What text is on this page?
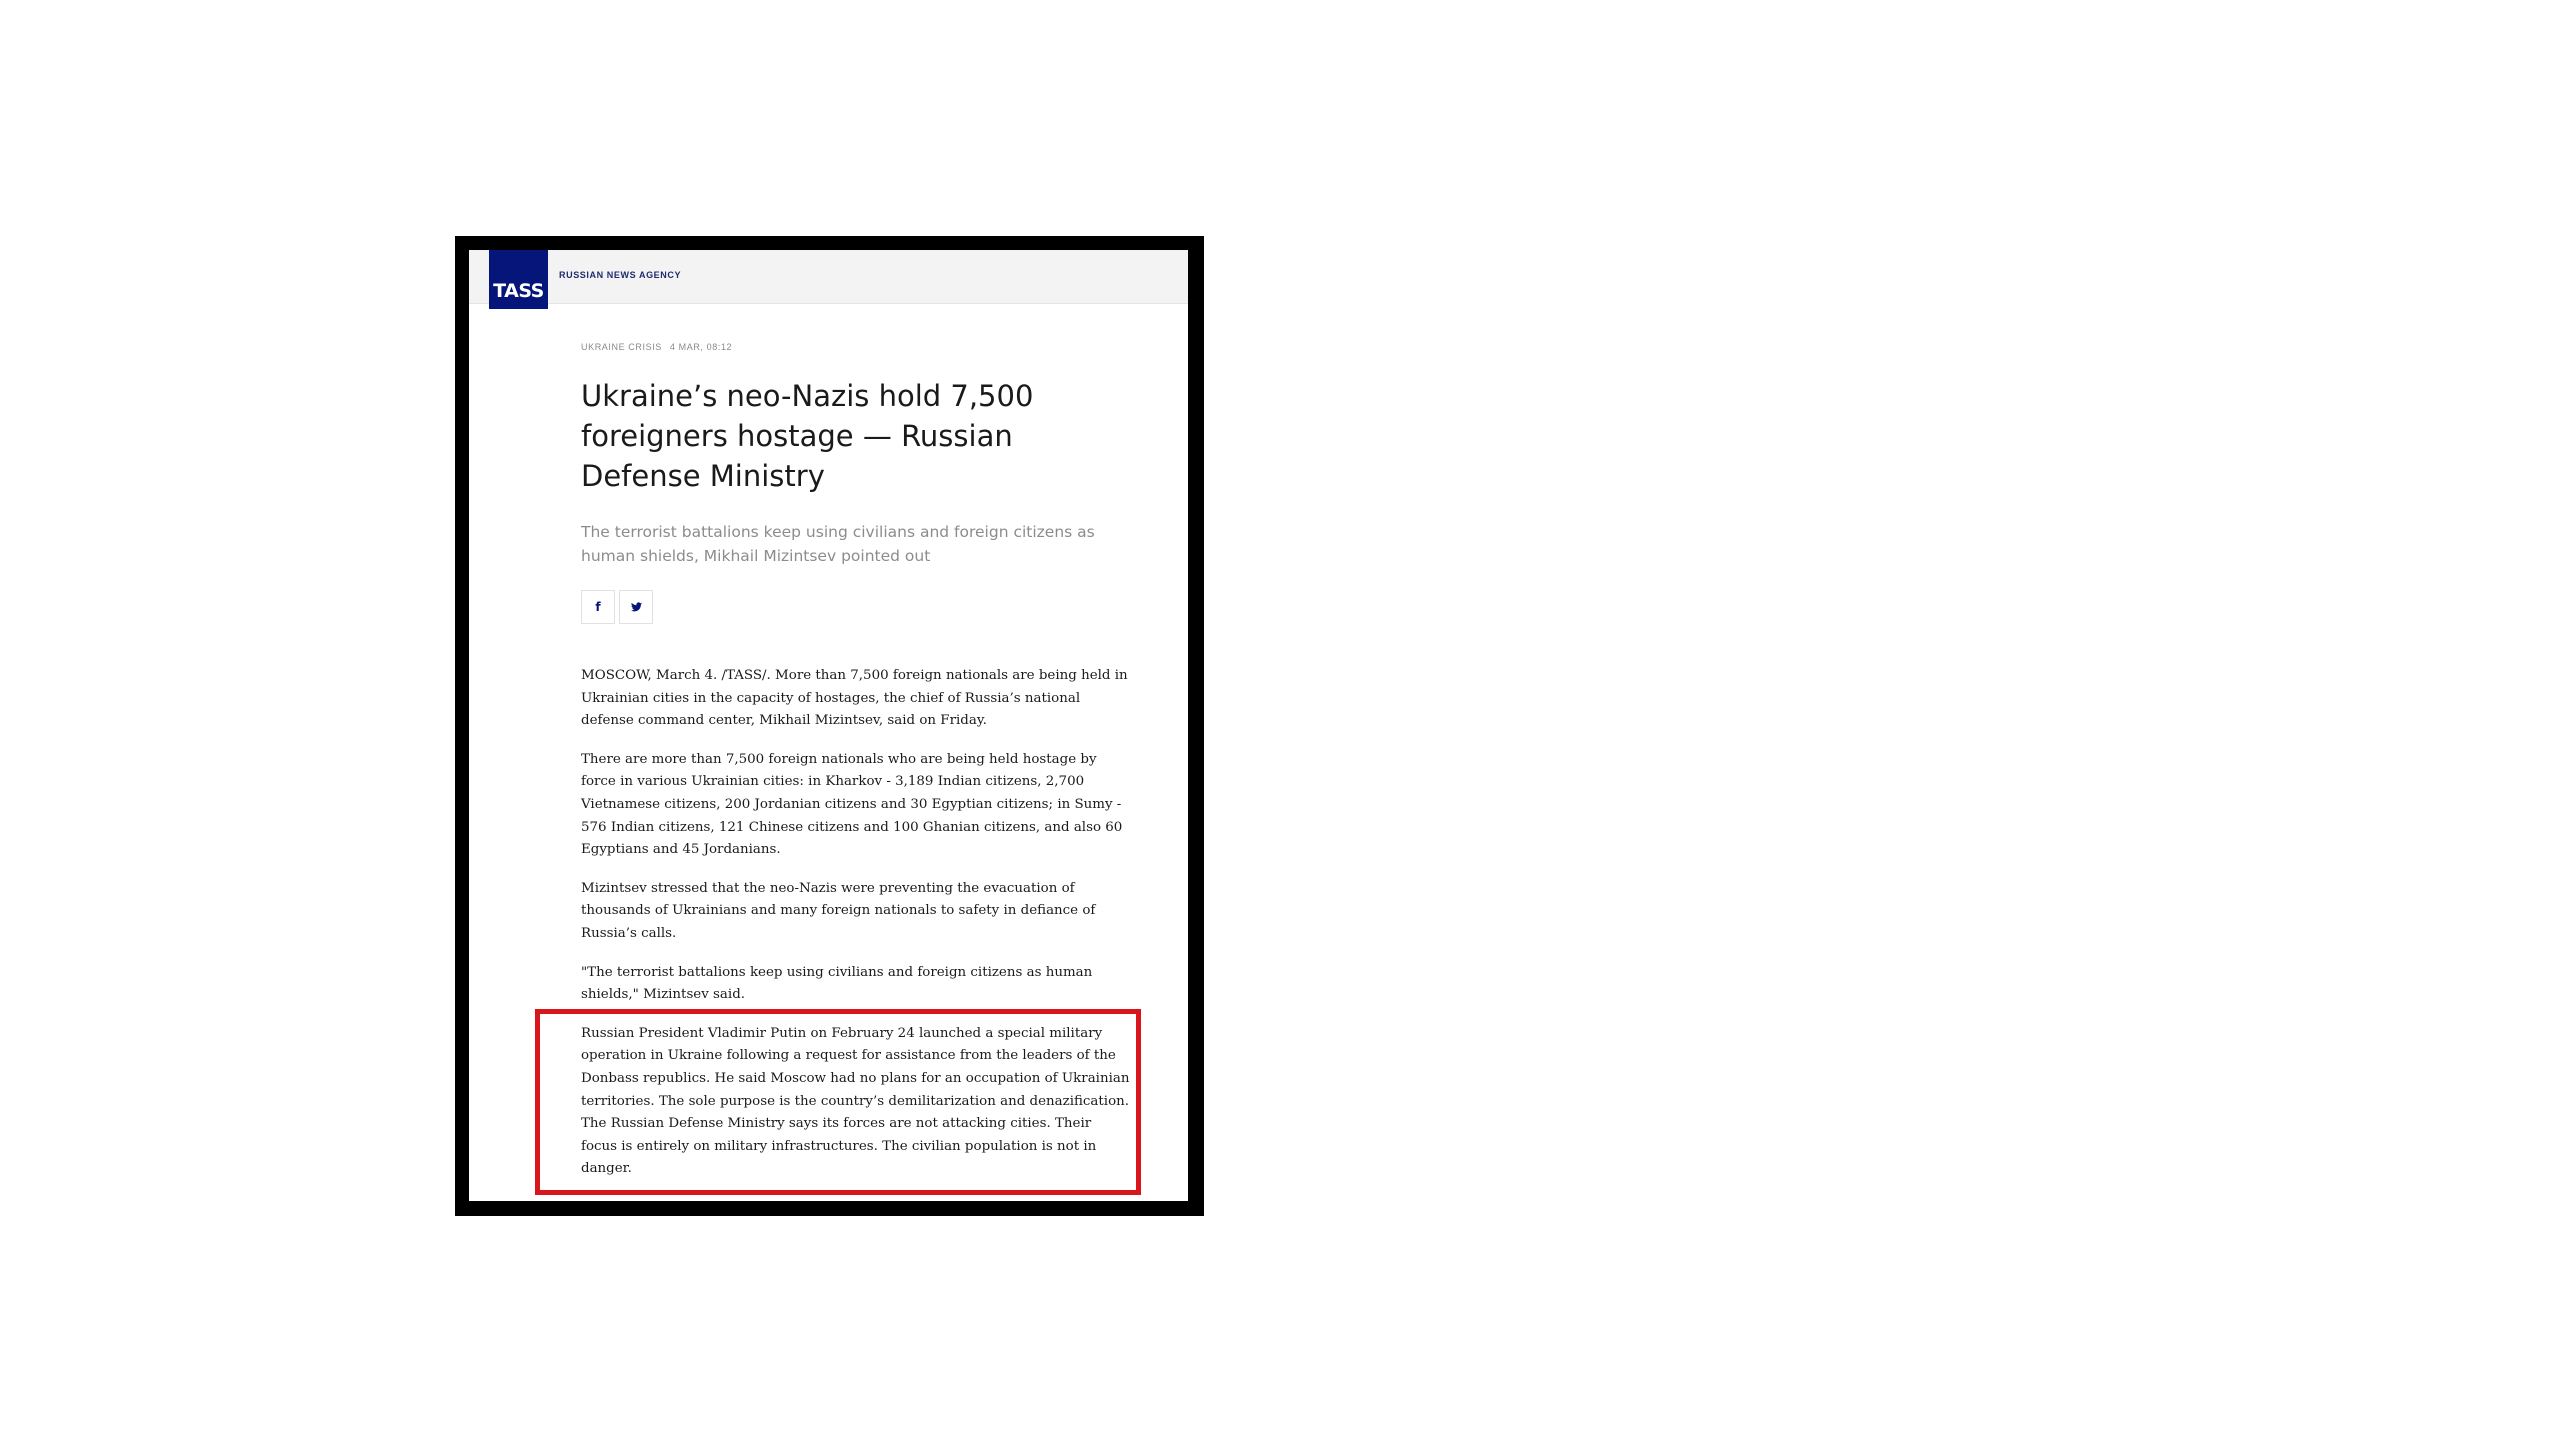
TASS
RUSSIAN NEWS AGENCY
UKRAINE CRISIS 4 MAR, 08:12
Ukraine’s neo-Nazis hold 7,500 foreigners hostage — Russian Defense Ministry
The terrorist battalions keep using civilians and foreign citizens as human shields, Mikhail Mizintsev pointed out
f

MOSCOW, March 4. /TASS/. More than 7,500 foreign nationals are being held in Ukrainian cities in the capacity of hostages, the chief of Russia’s national defense command center, Mikhail Mizintsev, said on Friday.

There are more than 7,500 foreign nationals who are being held hostage by force in various Ukrainian cities: in Kharkov - 3,189 Indian citizens, 2,700 Vietnamese citizens, 200 Jordanian citizens and 30 Egyptian citizens; in Sumy - 576 Indian citizens, 121 Chinese citizens and 100 Ghanian citizens, and also 60 Egyptians and 45 Jordanians.

Mizintsev stressed that the neo-Nazis were preventing the evacuation of thousands of Ukrainians and many foreign nationals to safety in defiance of Russia’s calls.

"The terrorist battalions keep using civilians and foreign citizens as human shields," Mizintsev said.

Russian President Vladimir Putin on February 24 launched a special military operation in Ukraine following a request for assistance from the leaders of the Donbass republics. He said Moscow had no plans for an occupation of Ukrainian territories. The sole purpose is the country’s demilitarization and denazification. The Russian Defense Ministry says its forces are not attacking cities. Their focus is entirely on military infrastructures. The civilian population is not in danger.
